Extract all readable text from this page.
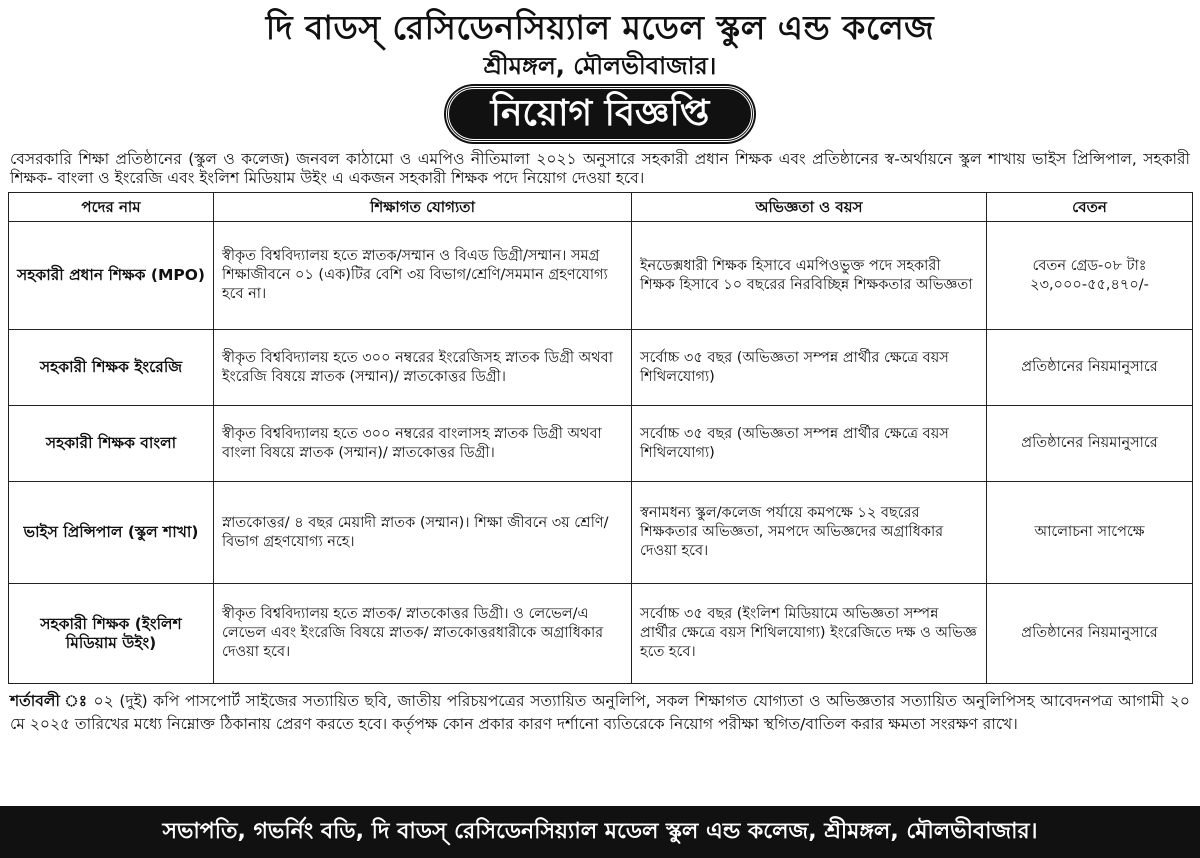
দি বাডস্ রেসিডেনসিয়্যাল মডেল স্কুল এন্ড কলেজ
শ্রীমঙ্গল, মৌলভীবাজার।
নিয়োগ বিজ্ঞপ্তি
বেসরকারি শিক্ষা প্রতিষ্ঠানের (স্কুল ও কলেজ) জনবল কাঠামো ও এমপিও নীতিমালা ২০২১ অনুসারে সহকারী প্রধান শিক্ষক এবং প্রতিষ্ঠানের স্ব-অর্থায়নে স্কুল শাখায় ভাইস প্রিন্সিপাল, সহকারী শিক্ষক- বাংলা ও ইংরেজি এবং ইংলিশ মিডিয়াম উইং এ একজন সহকারী শিক্ষক পদে নিয়োগ দেওয়া হবে।
পদের নাম	শিক্ষাগত যোগ্যতা	অভিজ্ঞতা ও বয়স	বেতন
সহকারী প্রধান শিক্ষক (MPO)	স্বীকৃত বিশ্ববিদ্যালয় হতে স্নাতক/সম্মান ও বিএড ডিগ্রী/সম্মান। সমগ্র শিক্ষাজীবনে ০১ (এক)টির বেশি ৩য় বিভাগ/শ্রেণি/সমমান গ্রহণযোগ্য হবে না।	ইনডেক্সধারী শিক্ষক হিসাবে এমপিওভুক্ত পদে সহকারী শিক্ষক হিসাবে ১০ বছরের নিরবিচ্ছিন্ন শিক্ষকতার অভিজ্ঞতা	বেতন গ্রেড-০৮ টাঃ ২৩,০০০-৫৫,৪৭০/-
সহকারী শিক্ষক ইংরেজি	স্বীকৃত বিশ্ববিদ্যালয় হতে ৩০০ নম্বরের ইংরেজিসহ স্নাতক ডিগ্রী অথবা ইংরেজি বিষয়ে স্নাতক (সম্মান)/ স্নাতকোত্তর ডিগ্রী।	সর্বোচ্চ ৩৫ বছর (অভিজ্ঞতা সম্পন্ন প্রার্থীর ক্ষেত্রে বয়স শিথিলযোগ্য)	প্রতিষ্ঠানের নিয়মানুসারে
সহকারী শিক্ষক বাংলা	স্বীকৃত বিশ্ববিদ্যালয় হতে ৩০০ নম্বরের বাংলাসহ স্নাতক ডিগ্রী অথবা বাংলা বিষয়ে স্নাতক (সম্মান)/ স্নাতকোত্তর ডিগ্রী।	সর্বোচ্চ ৩৫ বছর (অভিজ্ঞতা সম্পন্ন প্রার্থীর ক্ষেত্রে বয়স শিথিলযোগ্য)	প্রতিষ্ঠানের নিয়মানুসারে
ভাইস প্রিন্সিপাল (স্কুল শাখা)	স্নাতকোত্তর/ ৪ বছর মেয়াদী স্নাতক (সম্মান)। শিক্ষা জীবনে ৩য় শ্রেণি/বিভাগ গ্রহণযোগ্য নহে।	স্বনামধন্য স্কুল/কলেজ পর্যায়ে কমপক্ষে ১২ বছরের শিক্ষকতার অভিজ্ঞতা, সমপদে অভিজ্ঞদের অগ্রাধিকার দেওয়া হবে।	আলোচনা সাপেক্ষে
সহকারী শিক্ষক (ইংলিশ মিডিয়াম উইং)	স্বীকৃত বিশ্ববিদ্যালয় হতে স্নাতক/ স্নাতকোত্তর ডিগ্রী। ও লেভেল/এ লেভেল এবং ইংরেজি বিষয়ে স্নাতক/ স্নাতকোত্তরধারীকে অগ্রাধিকার দেওয়া হবে।	সর্বোচ্চ ৩৫ বছর (ইংলিশ মিডিয়ামে অভিজ্ঞতা সম্পন্ন প্রার্থীর ক্ষেত্রে বয়স শিথিলযোগ্য) ইংরেজিতে দক্ষ ও অভিজ্ঞ হতে হবে।	প্রতিষ্ঠানের নিয়মানুসারে
শর্তাবলী ঃ ০২ (দুই) কপি পাসপোর্ট সাইজের সত্যায়িত ছবি, জাতীয় পরিচয়পত্রের সত্যায়িত অনুলিপি, সকল শিক্ষাগত যোগ্যতা ও অভিজ্ঞতার সত্যায়িত অনুলিপিসহ আবেদনপত্র আগামী ২০ মে ২০২৫ তারিখের মধ্যে নিম্নোক্ত ঠিকানায় প্রেরণ করতে হবে। কর্তৃপক্ষ কোন প্রকার কারণ দর্শানো ব্যতিরেকে নিয়োগ পরীক্ষা স্থগিত/বাতিল করার ক্ষমতা সংরক্ষণ রাখে।
সভাপতি, গভর্নিং বডি, দি বাডস্ রেসিডেনসিয়্যাল মডেল স্কুল এন্ড কলেজ, শ্রীমঙ্গল, মৌলভীবাজার।
